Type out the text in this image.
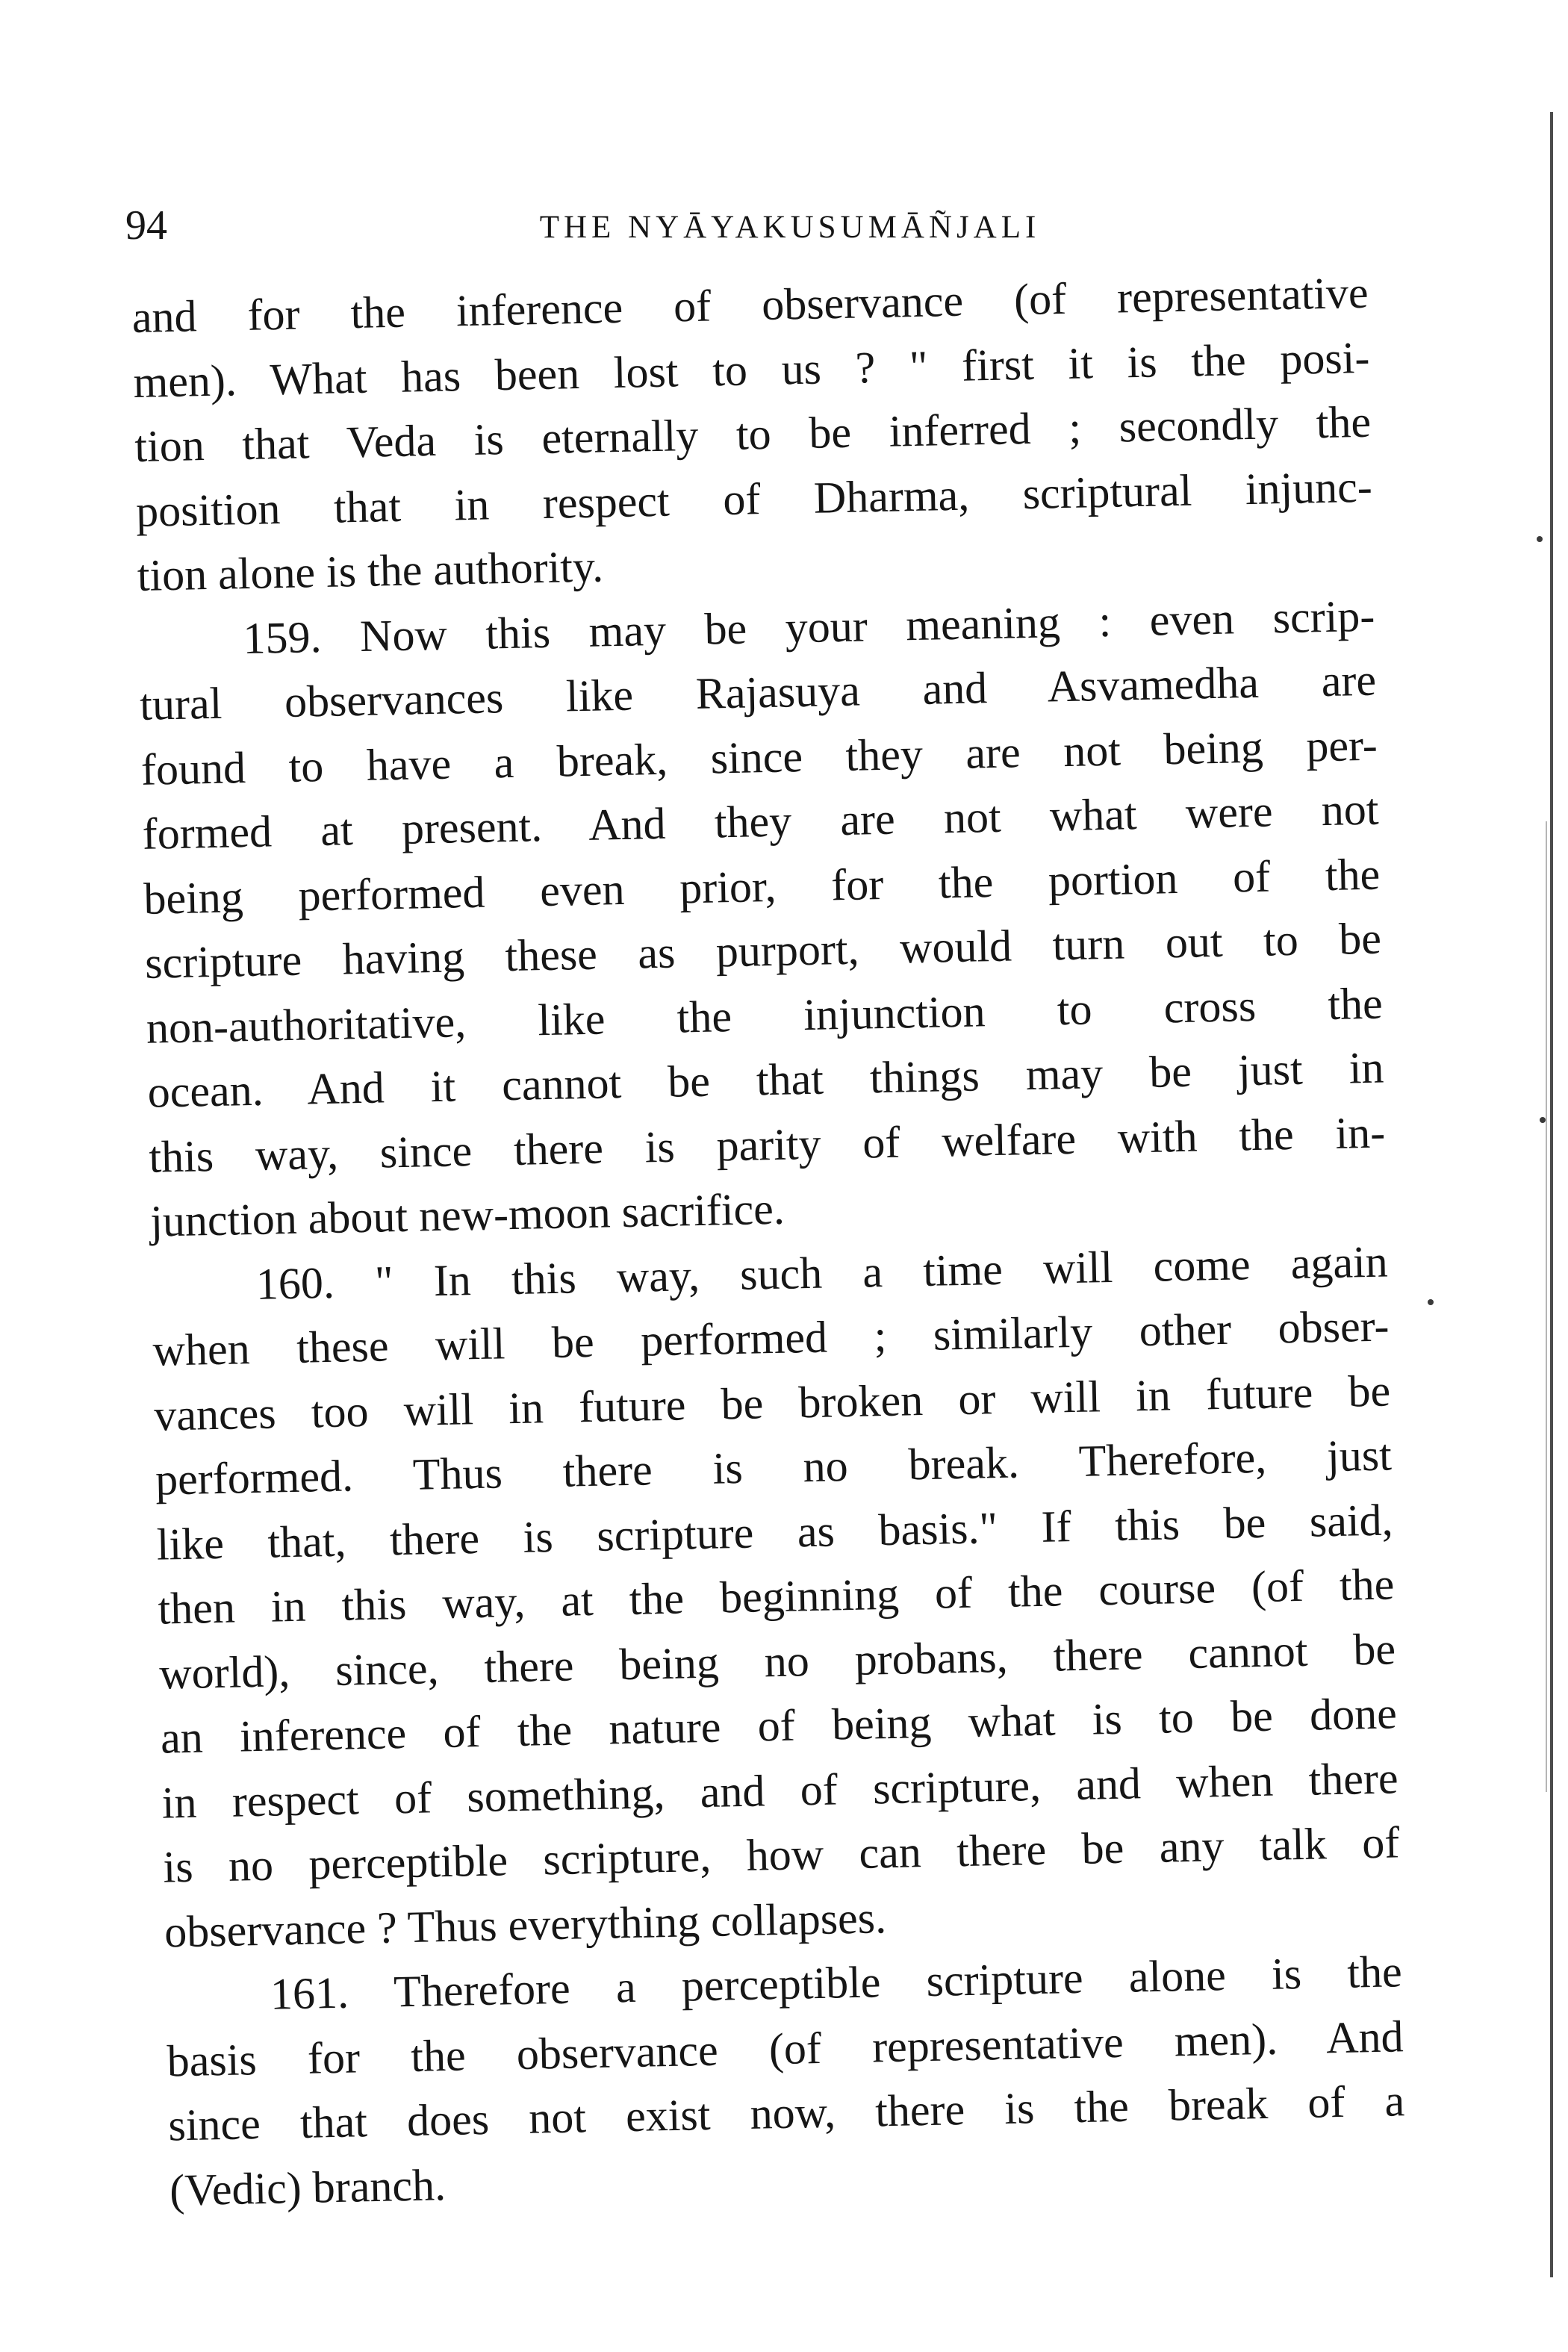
94	THE NYĀYAKUSUMĀÑJALI
and for the inference of observance (of representative
men). What has been lost to us ? " first it is the posi-
tion that Veda is eternally to be inferred ; secondly the
position that in respect of Dharma, scriptural injunc-
tion alone is the authority.
159. Now this may be your meaning : even scrip-
tural observances like Rajasuya and Asvamedha are
found to have a break, since they are not being per-
formed at present. And they are not what were not
being performed even prior, for the portion of the
scripture having these as purport, would turn out to be
non-authoritative, like the injunction to cross the
ocean. And it cannot be that things may be just in
this way, since there is parity of welfare with the in-
junction about new-moon sacrifice.
160. " In this way, such a time will come again
when these will be performed ; similarly other obser-
vances too will in future be broken or will in future be
performed. Thus there is no break. Therefore, just
like that, there is scripture as basis." If this be said,
then in this way, at the beginning of the course (of the
world), since, there being no probans, there cannot be
an inference of the nature of being what is to be done
in respect of something, and of scripture, and when there
is no perceptible scripture, how can there be any talk of
observance ? Thus everything collapses.
161. Therefore a perceptible scripture alone is the
basis for the observance (of representative men). And
since that does not exist now, there is the break of a
(Vedic) branch.
